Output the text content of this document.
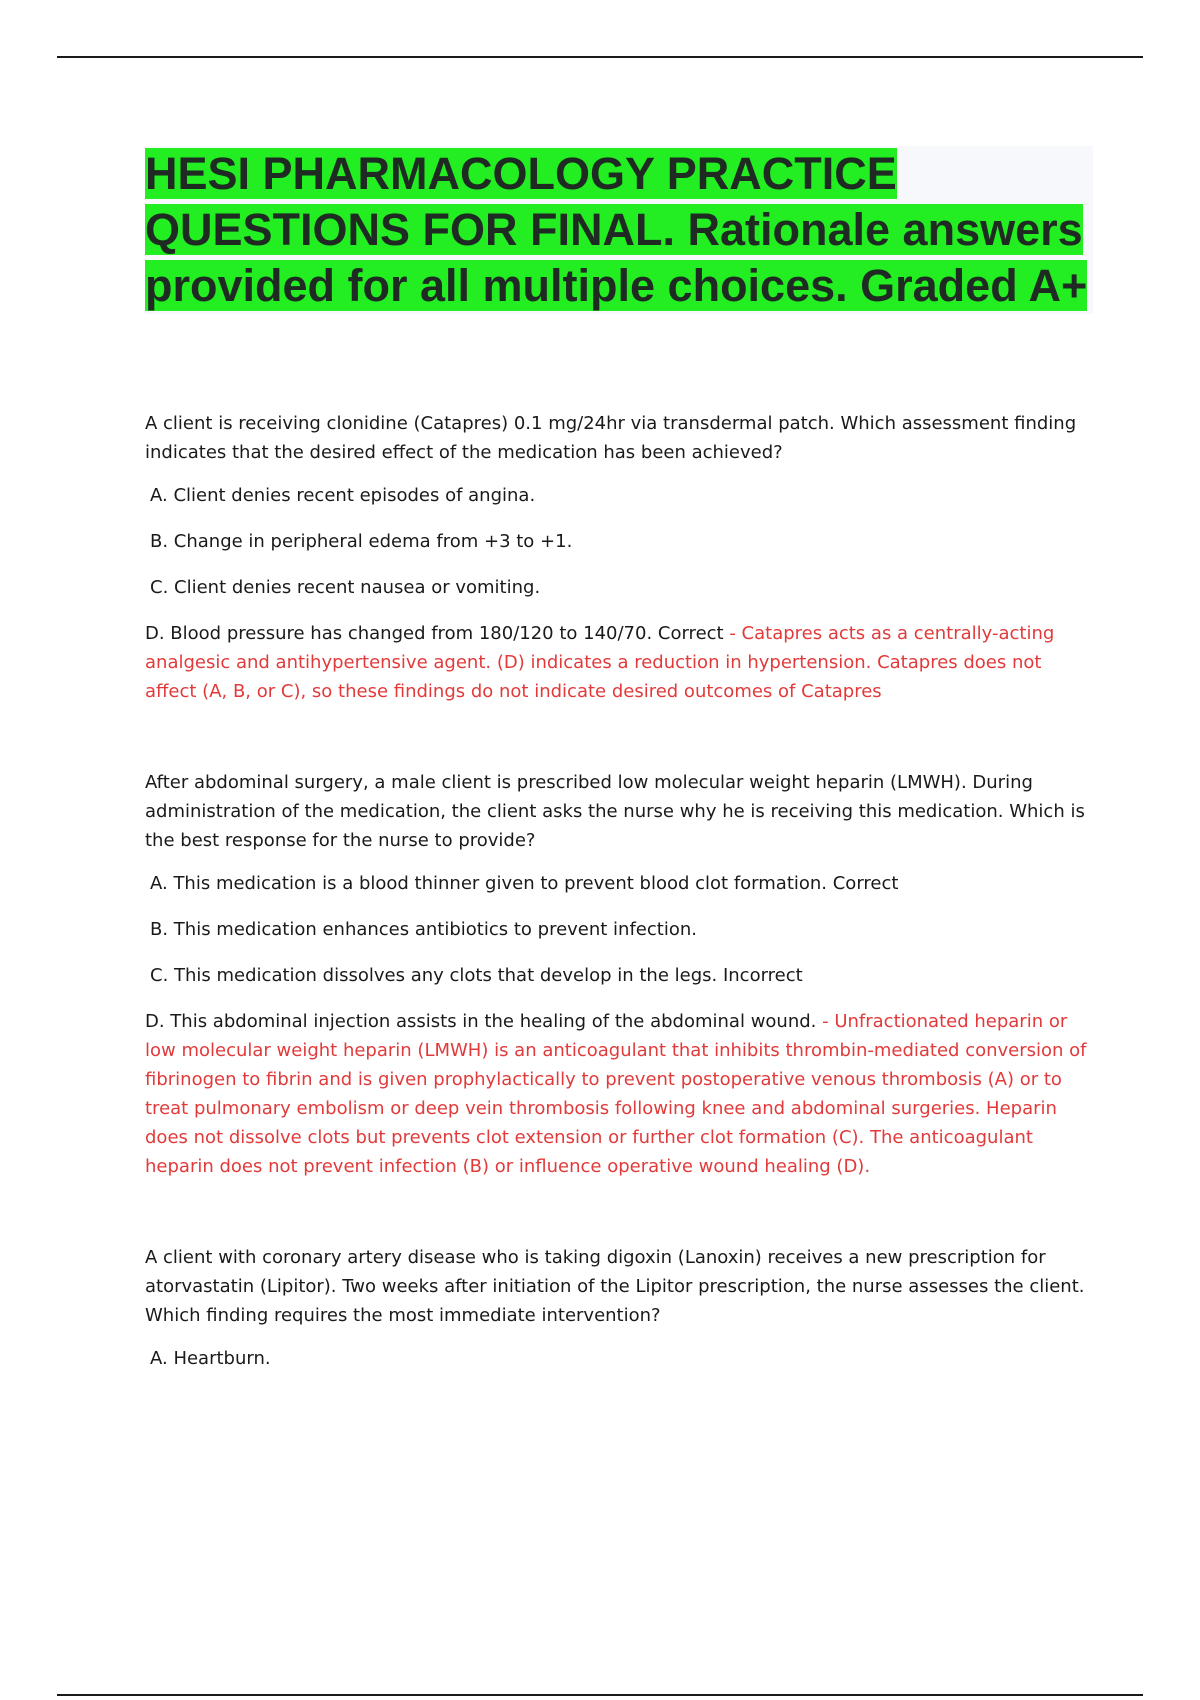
HESI PHARMACOLOGY PRACTICE QUESTIONS FOR FINAL. Rationale answers provided for all multiple choices. Graded A+

A client is receiving clonidine (Catapres) 0.1 mg/24hr via transdermal patch. Which assessment finding indicates that the desired effect of the medication has been achieved?

A. Client denies recent episodes of angina.

B. Change in peripheral edema from +3 to +1.

C. Client denies recent nausea or vomiting.

D. Blood pressure has changed from 180/120 to 140/70. Correct - Catapres acts as a centrally-acting analgesic and antihypertensive agent. (D) indicates a reduction in hypertension. Catapres does not affect (A, B, or C), so these findings do not indicate desired outcomes of Catapres

After abdominal surgery, a male client is prescribed low molecular weight heparin (LMWH). During administration of the medication, the client asks the nurse why he is receiving this medication. Which is the best response for the nurse to provide?

A. This medication is a blood thinner given to prevent blood clot formation. Correct

B. This medication enhances antibiotics to prevent infection.

C. This medication dissolves any clots that develop in the legs. Incorrect

D. This abdominal injection assists in the healing of the abdominal wound. - Unfractionated heparin or low molecular weight heparin (LMWH) is an anticoagulant that inhibits thrombin-mediated conversion of fibrinogen to fibrin and is given prophylactically to prevent postoperative venous thrombosis (A) or to treat pulmonary embolism or deep vein thrombosis following knee and abdominal surgeries. Heparin does not dissolve clots but prevents clot extension or further clot formation (C). The anticoagulant heparin does not prevent infection (B) or influence operative wound healing (D).

A client with coronary artery disease who is taking digoxin (Lanoxin) receives a new prescription for atorvastatin (Lipitor). Two weeks after initiation of the Lipitor prescription, the nurse assesses the client. Which finding requires the most immediate intervention?

A. Heartburn.
